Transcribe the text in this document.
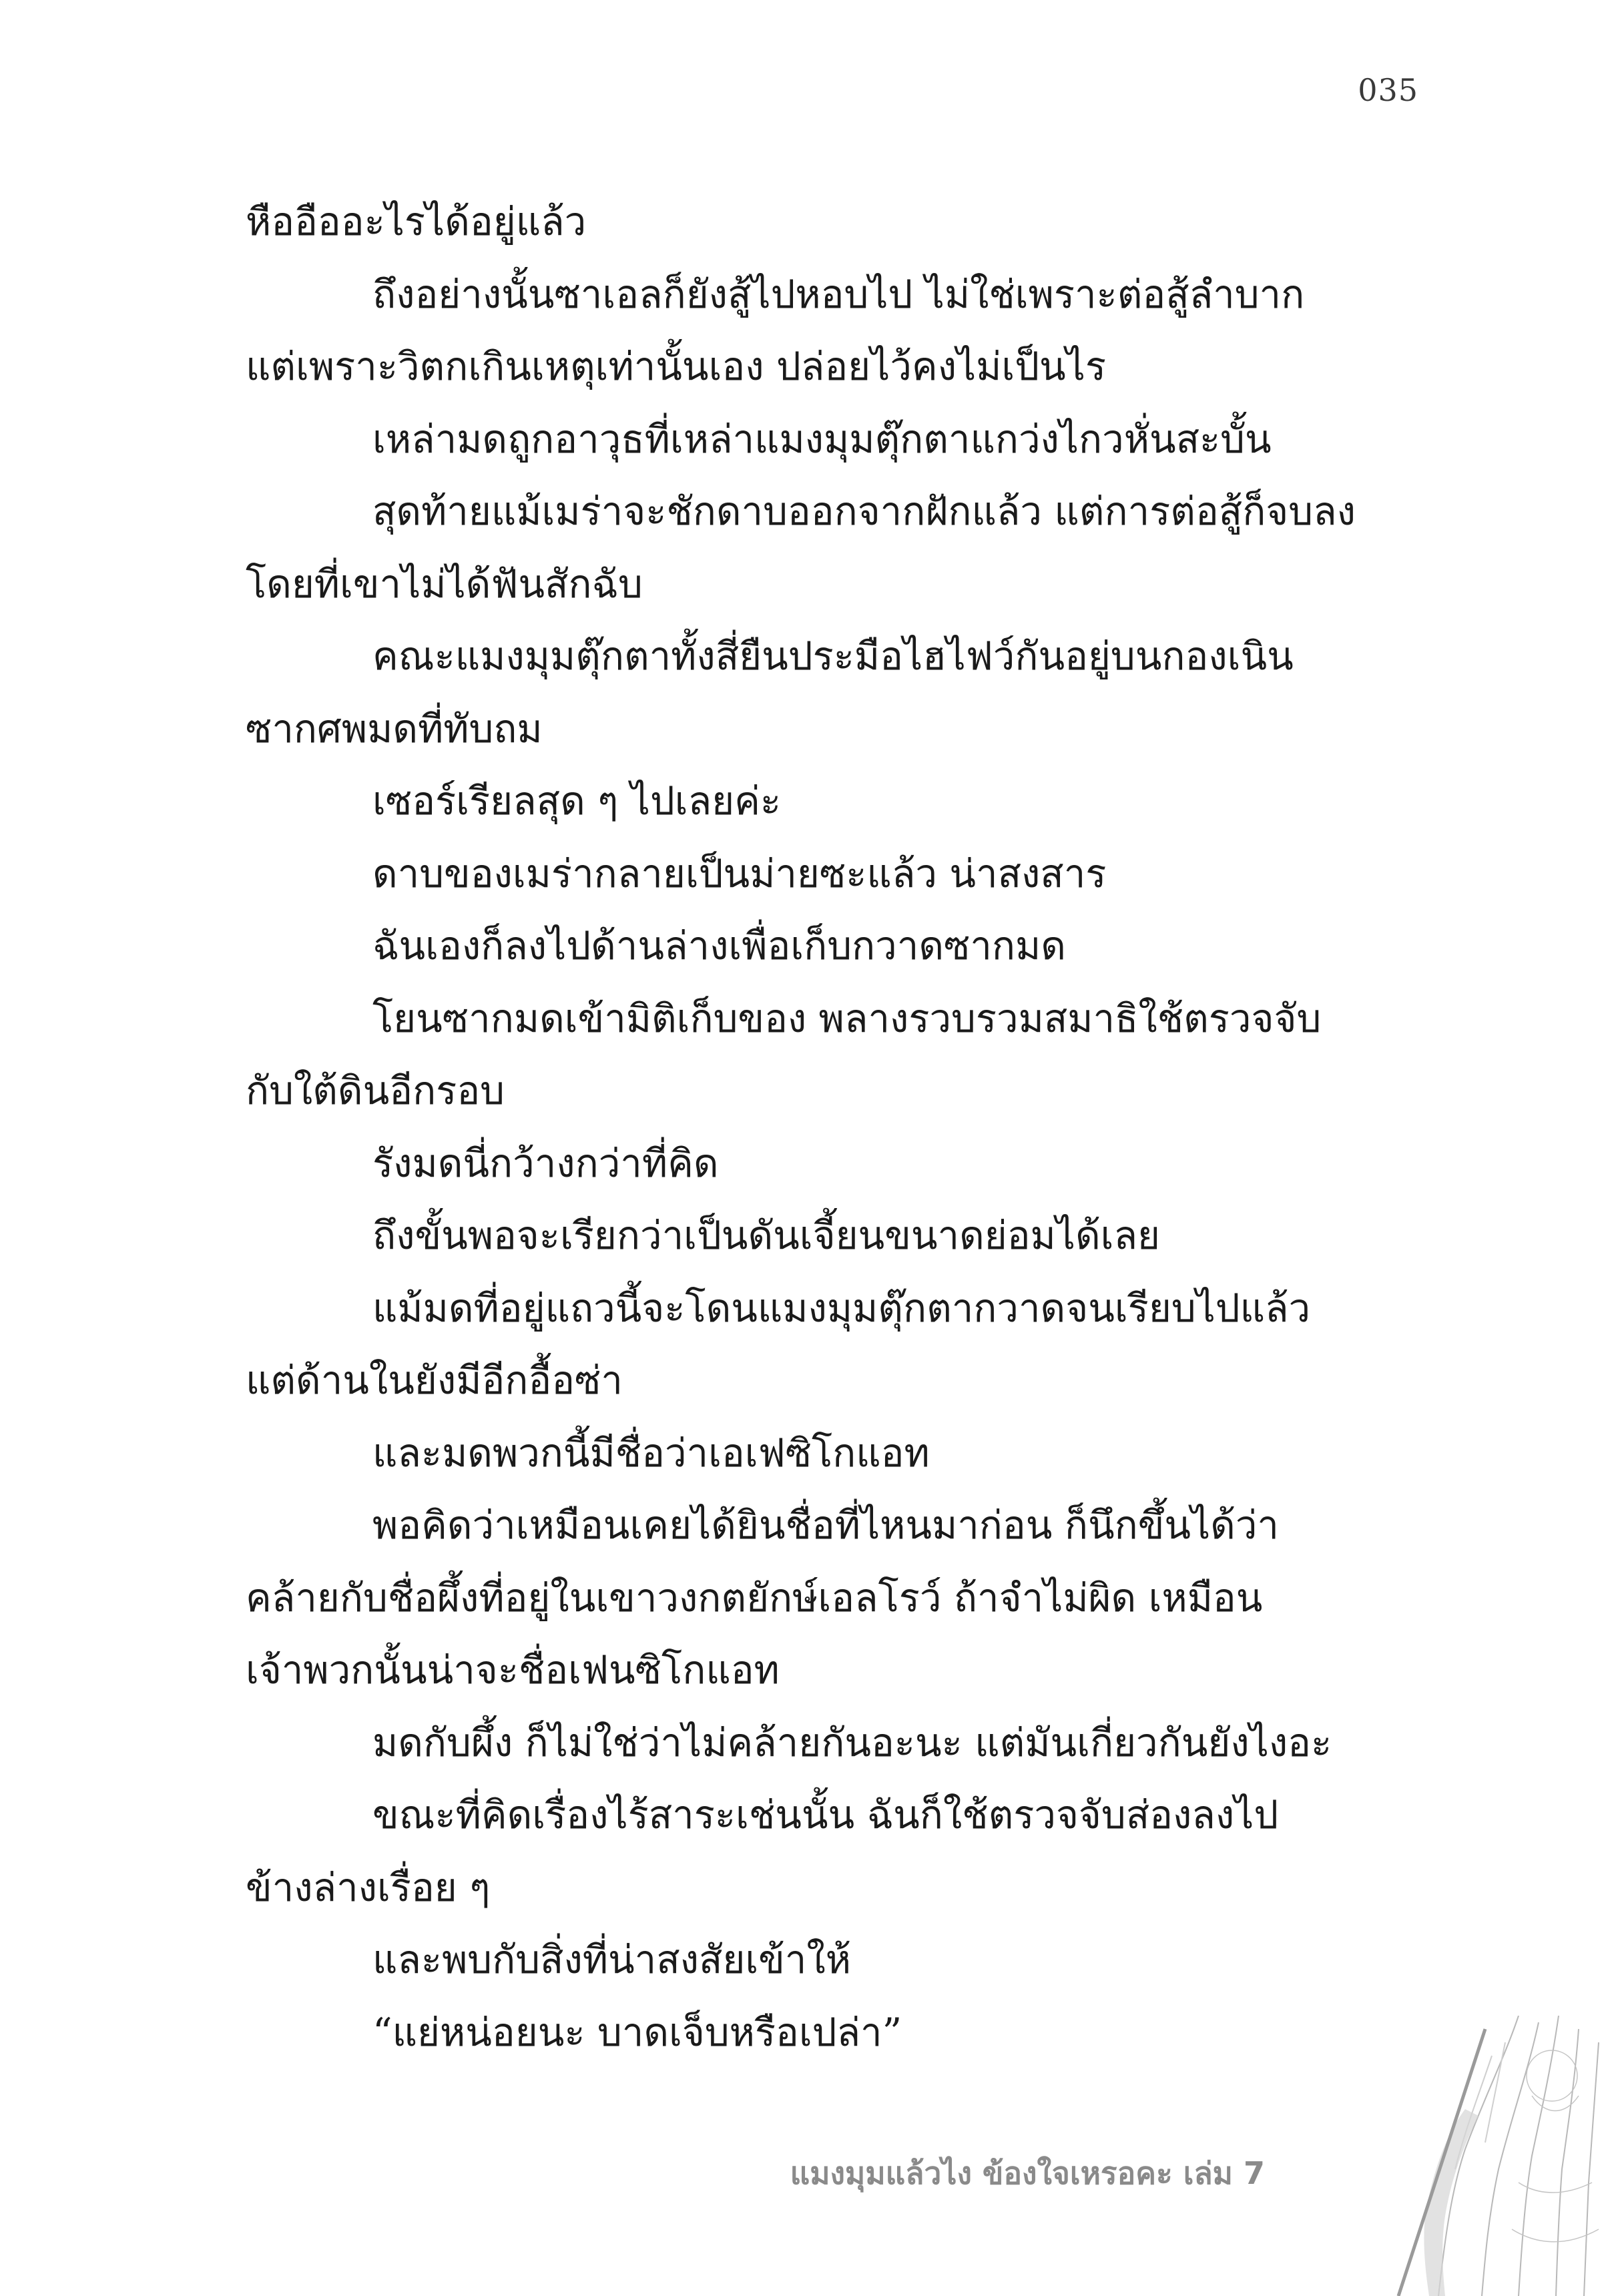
035

หืออืออะไรได้อยู่แล้ว

ถึงอย่างนั้นซาเอลก็ยังสู้ไปหอบไป ไม่ใช่เพราะต่อสู้ลำบาก

แต่เพราะวิตกเกินเหตุเท่านั้นเอง ปล่อยไว้คงไม่เป็นไร

เหล่ามดถูกอาวุธที่เหล่าแมงมุมตุ๊กตาแกว่งไกวหั่นสะบั้น

สุดท้ายแม้เมร่าจะชักดาบออกจากฝักแล้ว แต่การต่อสู้ก็จบลง

โดยที่เขาไม่ได้ฟันสักฉับ

คณะแมงมุมตุ๊กตาทั้งสี่ยืนประมือไฮไฟว์กันอยู่บนกองเนิน

ซากศพมดที่ทับถม

เซอร์เรียลสุด ๆ ไปเลยค่ะ

ดาบของเมร่ากลายเป็นม่ายซะแล้ว น่าสงสาร

ฉันเองก็ลงไปด้านล่างเพื่อเก็บกวาดซากมด

โยนซากมดเข้ามิติเก็บของ พลางรวบรวมสมาธิใช้ตรวจจับ

กับใต้ดินอีกรอบ

รังมดนี่กว้างกว่าที่คิด

ถึงขั้นพอจะเรียกว่าเป็นดันเจี้ยนขนาดย่อมได้เลย

แม้มดที่อยู่แถวนี้จะโดนแมงมุมตุ๊กตากวาดจนเรียบไปแล้ว

แต่ด้านในยังมีอีกอื้อซ่า

และมดพวกนี้มีชื่อว่าเอเฟซิโกแอท

พอคิดว่าเหมือนเคยได้ยินชื่อที่ไหนมาก่อน ก็นึกขึ้นได้ว่า

คล้ายกับชื่อผึ้งที่อยู่ในเขาวงกตยักษ์เอลโรว์ ถ้าจำไม่ผิด เหมือน

เจ้าพวกนั้นน่าจะชื่อเฟนซิโกแอท

มดกับผึ้ง ก็ไม่ใช่ว่าไม่คล้ายกันอะนะ แต่มันเกี่ยวกันยังไงอะ

ขณะที่คิดเรื่องไร้สาระเช่นนั้น ฉันก็ใช้ตรวจจับส่องลงไป

ข้างล่างเรื่อย ๆ

และพบกับสิ่งที่น่าสงสัยเข้าให้

“แย่หน่อยนะ บาดเจ็บหรือเปล่า”

แมงมุมแล้วไง ข้องใจเหรอคะ เล่ม 7
